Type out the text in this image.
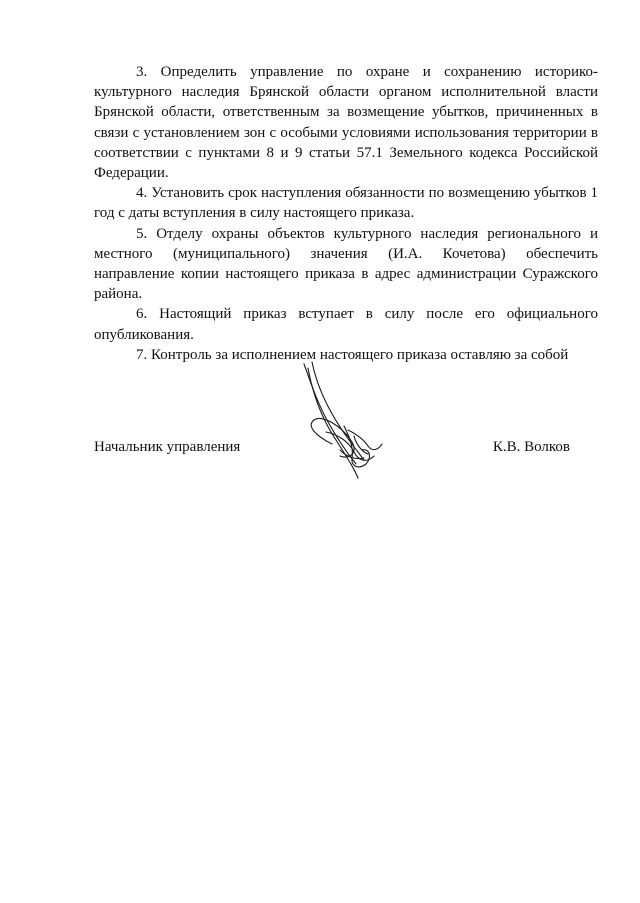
3. Определить управление по охране и сохранению историко-культурного наследия Брянской области органом исполнительной власти Брянской области, ответственным за возмещение убытков, причиненных в связи с установлением зон с особыми условиями использования территории в соответствии с пунктами 8 и 9 статьи 57.1 Земельного кодекса Российской Федерации.

4. Установить срок наступления обязанности по возмещению убытков 1 год с даты вступления в силу настоящего приказа.

5. Отделу охраны объектов культурного наследия регионального и местного (муниципального) значения (И.А. Кочетова) обеспечить направление копии настоящего приказа в адрес администрации Суражского района.

6. Настоящий приказ вступает в силу после его официального опубликования.

7. Контроль за исполнением настоящего приказа оставляю за собой

Начальник управления	К.В. Волков
